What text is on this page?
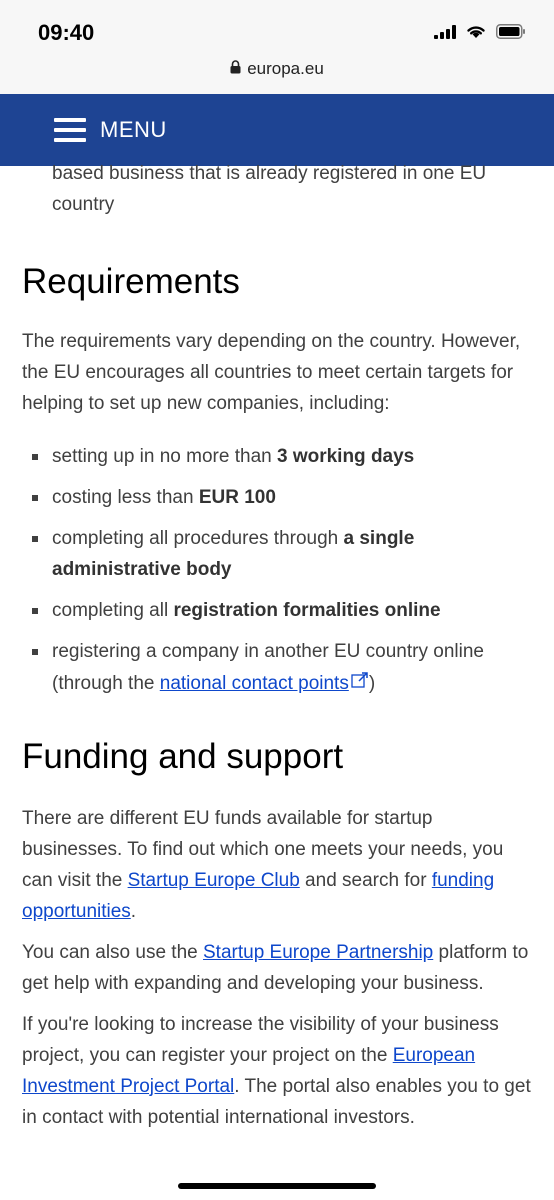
09:40
europa.eu
MENU

based business that is already registered in one EU country

Requirements

The requirements vary depending on the country. However, the EU encourages all countries to meet certain targets for helping to set up new companies, including:

setting up in no more than 3 working days
costing less than EUR 100
completing all procedures through a single administrative body
completing all registration formalities online
registering a company in another EU country online (through the national contact points )
Funding and support

There are different EU funds available for startup businesses. To find out which one meets your needs, you can visit the Startup Europe Club and search for funding opportunities.

You can also use the Startup Europe Partnership platform to get help with expanding and developing your business.

If you're looking to increase the visibility of your business project, you can register your project on the European Investment Project Portal. The portal also enables you to get in contact with potential international investors.
